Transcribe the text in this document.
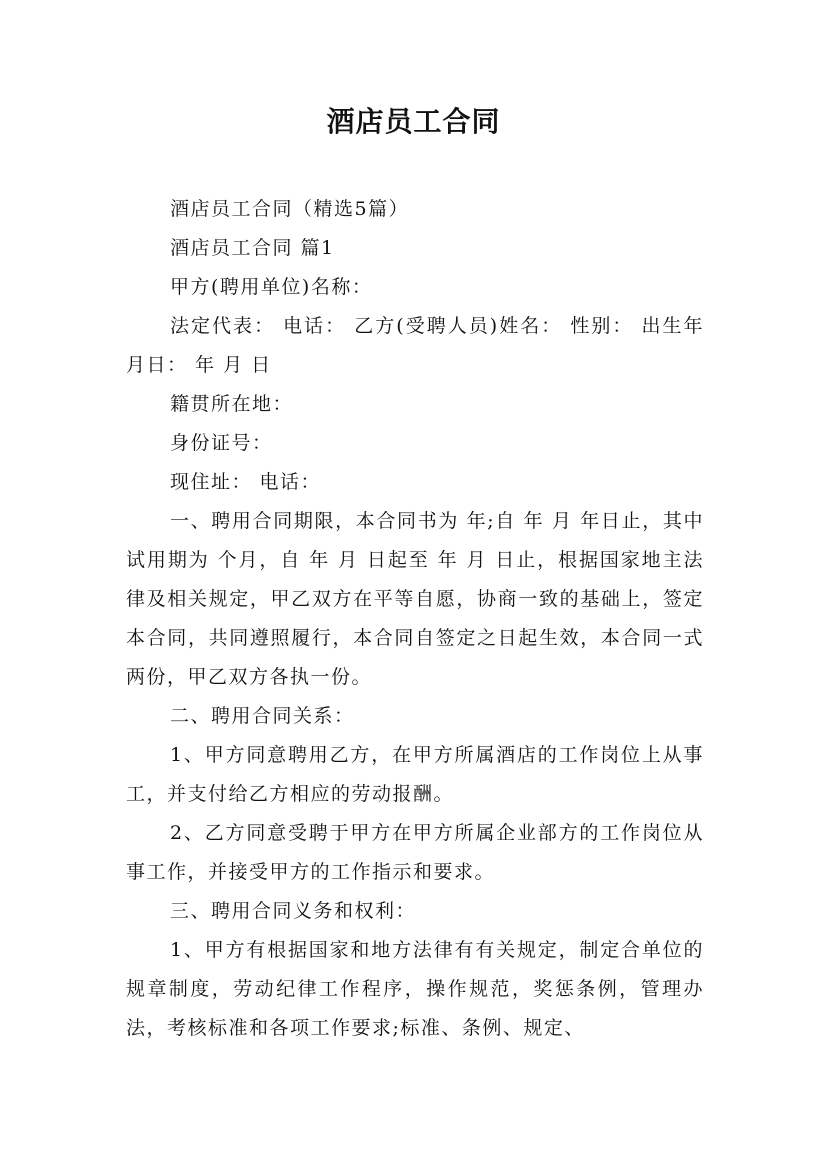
酒店员工合同

酒店员工合同（精选5篇）

酒店员工合同 篇1

甲方(聘用单位)名称：

法定代表： 电话： 乙方(受聘人员)姓名： 性别： 出生年月日： 年 月 日

籍贯所在地：

身份证号：

现住址： 电话：

一、聘用合同期限，本合同书为 年;自 年 月 年日止，其中试用期为 个月，自 年 月 日起至 年 月 日止，根据国家地主法律及相关规定，甲乙双方在平等自愿，协商一致的基础上，签定本合同，共同遵照履行，本合同自签定之日起生效，本合同一式两份，甲乙双方各执一份。

二、聘用合同关系：

1、甲方同意聘用乙方，在甲方所属酒店的工作岗位上从事工，并支付给乙方相应的劳动报酬。

2、乙方同意受聘于甲方在甲方所属企业部方的工作岗位从事工作，并接受甲方的工作指示和要求。

三、聘用合同义务和权利：

1、甲方有根据国家和地方法律有有关规定，制定合单位的规章制度，劳动纪律工作程序，操作规范，奖惩条例，管理办法，考核标准和各项工作要求;标准、条例、规定、
